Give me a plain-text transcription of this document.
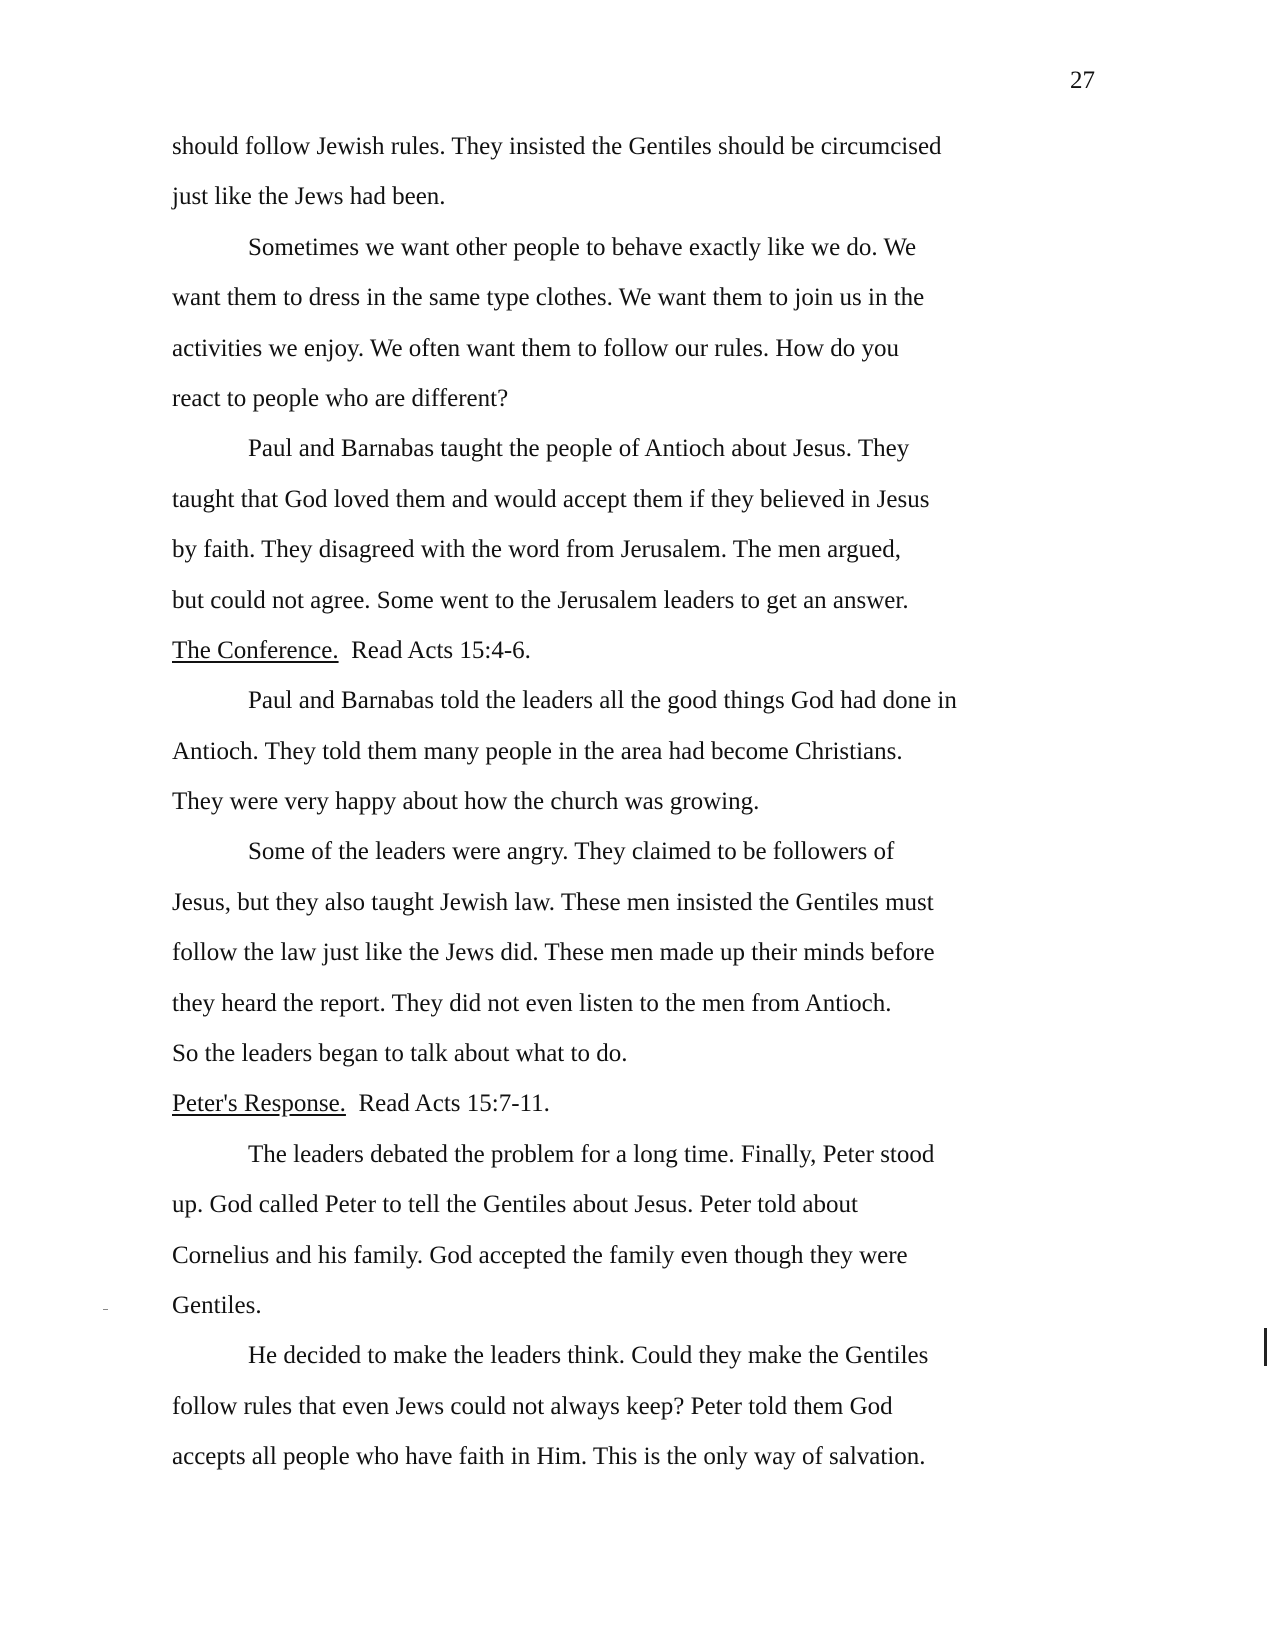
27
should follow Jewish rules. They insisted the Gentiles should be circumcised
just like the Jews had been.
Sometimes we want other people to behave exactly like we do. We
want them to dress in the same type clothes. We want them to join us in the
activities we enjoy. We often want them to follow our rules. How do you
react to people who are different?
Paul and Barnabas taught the people of Antioch about Jesus. They
taught that God loved them and would accept them if they believed in Jesus
by faith. They disagreed with the word from Jerusalem. The men argued,
but could not agree. Some went to the Jerusalem leaders to get an answer.
The Conference.  Read Acts 15:4-6.
Paul and Barnabas told the leaders all the good things God had done in
Antioch. They told them many people in the area had become Christians.
They were very happy about how the church was growing.
Some of the leaders were angry. They claimed to be followers of
Jesus, but they also taught Jewish law. These men insisted the Gentiles must
follow the law just like the Jews did. These men made up their minds before
they heard the report. They did not even listen to the men from Antioch.
So the leaders began to talk about what to do.
Peter's Response.  Read Acts 15:7-11.
The leaders debated the problem for a long time. Finally, Peter stood
up. God called Peter to tell the Gentiles about Jesus. Peter told about
Cornelius and his family. God accepted the family even though they were
Gentiles.
He decided to make the leaders think. Could they make the Gentiles
follow rules that even Jews could not always keep? Peter told them God
accepts all people who have faith in Him. This is the only way of salvation.
